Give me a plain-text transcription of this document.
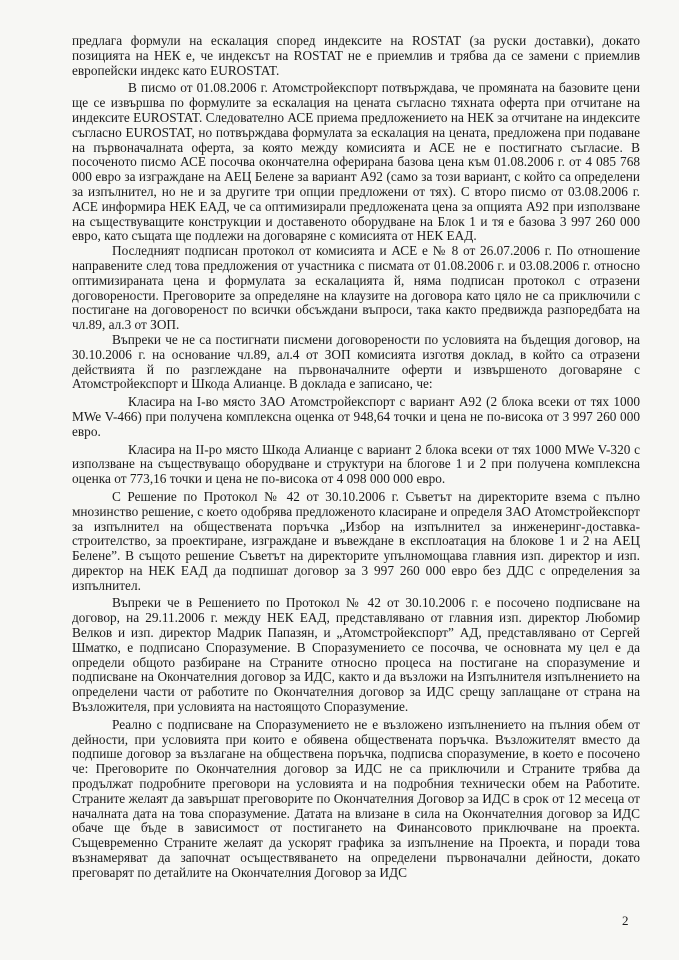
предлага формули на ескалация според индексите на ROSTAT (за руски доставки), докато позицията на НЕК е, че индексът на ROSTAT не е приемлив и трябва да се замени с приемлив европейски индекс като EUROSTAT.

В писмо от 01.08.2006 г. Атомстройекспорт потвърждава, че промяната на базовите цени ще се извършва по формулите за ескалация на цената съгласно тяхната оферта при отчитане на индексите EUROSTAT. Следователно АСЕ приема предложението на НЕК за отчитане на индексите съгласно EUROSTAT, но потвърждава формулата за ескалация на цената, предложена при подаване на първоначалната оферта, за която между комисията и АСЕ не е постигнато съгласие. В посоченото писмо АСЕ посочва окончателна оферирана базова цена към 01.08.2006 г. от 4 085 768 000 евро за изграждане на АЕЦ Белене за вариант А92 (само за този вариант, с който са определени за изпълнител, но не и за другите три опции предложени от тях). С второ писмо от 03.08.2006 г. АСЕ информира НЕК ЕАД, че са оптимизирали предложената цена за опцията А92 при използване на съществуващите конструкции и доставеното оборудване на Блок 1 и тя е базова 3 997 260 000 евро, като същата ще подлежи на договаряне с комисията от НЕК ЕАД.

Последният подписан протокол от комисията и АСЕ е № 8 от 26.07.2006 г. По отношение направените след това предложения от участника с писмата от 01.08.2006 г. и 03.08.2006 г. относно оптимизираната цена и формулата за ескалацията й, няма подписан протокол с отразени договорености. Преговорите за определяне на клаузите на договора като цяло не са приключили с постигане на договореност по всички обсъждани въпроси, така както предвижда разпоредбата на чл.89, ал.3 от ЗОП.

Въпреки че не са постигнати писмени договорености по условията на бъдещия договор, на 30.10.2006 г. на основание чл.89, ал.4 от ЗОП комисията изготвя доклад, в който са отразени действията й по разглеждане на първоначалните оферти и извършеното договаряне с Атомстройекспорт и Шкода Алианце. В доклада е записано, че:

Класира на I-во място ЗАО Атомстройекспорт с вариант А92 (2 блока всеки от тях 1000 MWe V-466) при получена комплексна оценка от 948,64 точки и цена не по-висока от 3 997 260 000 евро.

Класира на II-ро място Шкода Алианце с вариант 2 блока всеки от тях 1000 MWe V-320 с използване на съществуващо оборудване и структури на блогове 1 и 2 при получена комплексна оценка от 773,16 точки и цена не по-висока от 4 098 000 000 евро.

С Решение по Протокол № 42 от 30.10.2006 г. Съветът на директорите взема с пълно мнозинство решение, с което одобрява предложеното класиране и определя ЗАО Атомстройекспорт за изпълнител на обществената поръчка „Избор на изпълнител за инженеринг-доставка-строителство, за проектиране, изграждане и въвеждане в експлоатация на блокове 1 и 2 на АЕЦ Белене”. В същото решение Съветът на директорите упълномощава главния изп. директор и изп. директор на НЕК ЕАД да подпишат договор за 3 997 260 000 евро без ДДС с определения за изпълнител.

Въпреки че в Решението по Протокол № 42 от 30.10.2006 г. е посочено подписване на договор, на 29.11.2006 г. между НЕК ЕАД, представлявано от главния изп. директор Любомир Велков и изп. директор Мадрик Папазян, и „Атомстройекспорт” АД, представлявано от Сергей Шматко, е подписано Споразумение. В Споразумението се посочва, че основната му цел е да определи общото разбиране на Страните относно процеса на постигане на споразумение и подписване на Окончателния договор за ИДС, както и да възложи на Изпълнителя изпълнението на определени части от работите по Окончателния договор за ИДС срещу заплащане от страна на Възложителя, при условията на настоящото Споразумение.

Реално с подписване на Споразумението не е възложено изпълнението на пълния обем от дейности, при условията при които е обявена обществената поръчка. Възложителят вместо да подпише договор за възлагане на обществена поръчка, подписва споразумение, в което е посочено че: Преговорите по Окончателния договор за ИДС не са приключили и Страните трябва да продължат подробните преговори на условията и на подробния технически обем на Работите. Страните желаят да завършат преговорите по Окончателния Договор за ИДС в срок от 12 месеца от началната дата на това споразумение. Датата на влизане в сила на Окончателния договор за ИДС обаче ще бъде в зависимост от постигането на Финансовото приключване на проекта. Същевременно Страните желаят да ускорят графика за изпълнение на Проекта, и поради това възнамеряват да започнат осъществяването на определени първоначални дейности, докато преговарят по детайлите на Окончателния Договор за ИДС

2
